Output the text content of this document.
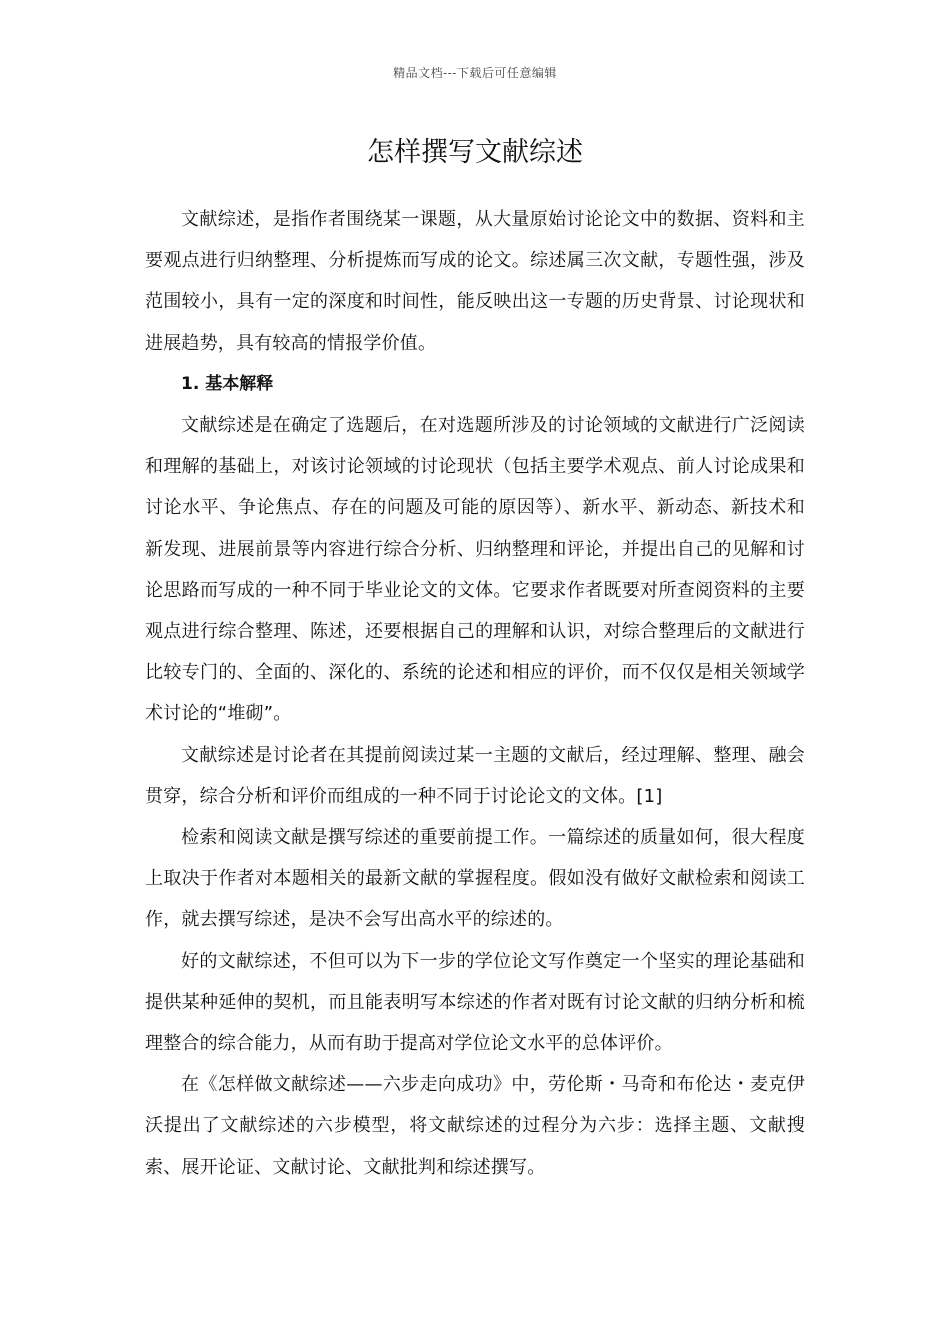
精品文档---下载后可任意编辑
怎样撰写文献综述

文献综述，是指作者围绕某一课题，从大量原始讨论论文中的数据、资料和主要观点进行归纳整理、分析提炼而写成的论文。综述属三次文献，专题性强，涉及范围较小，具有一定的深度和时间性，能反映出这一专题的历史背景、讨论现状和进展趋势，具有较高的情报学价值。

1. 基本解释

文献综述是在确定了选题后，在对选题所涉及的讨论领域的文献进行广泛阅读和理解的基础上，对该讨论领域的讨论现状（包括主要学术观点、前人讨论成果和讨论水平、争论焦点、存在的问题及可能的原因等）、新水平、新动态、新技术和新发现、进展前景等内容进行综合分析、归纳整理和评论，并提出自己的见解和讨论思路而写成的一种不同于毕业论文的文体。它要求作者既要对所查阅资料的主要观点进行综合整理、陈述，还要根据自己的理解和认识，对综合整理后的文献进行比较专门的、全面的、深化的、系统的论述和相应的评价，而不仅仅是相关领域学术讨论的“堆砌”。

文献综述是讨论者在其提前阅读过某一主题的文献后，经过理解、整理、融会贯穿，综合分析和评价而组成的一种不同于讨论论文的文体。[1]

检索和阅读文献是撰写综述的重要前提工作。一篇综述的质量如何，很大程度上取决于作者对本题相关的最新文献的掌握程度。假如没有做好文献检索和阅读工作，就去撰写综述，是决不会写出高水平的综述的。

好的文献综述，不但可以为下一步的学位论文写作奠定一个坚实的理论基础和提供某种延伸的契机，而且能表明写本综述的作者对既有讨论文献的归纳分析和梳理整合的综合能力，从而有助于提高对学位论文水平的总体评价。

在《怎样做文献综述——六步走向成功》中，劳伦斯・马奇和布伦达・麦克伊沃提出了文献综述的六步模型，将文献综述的过程分为六步：选择主题、文献搜索、展开论证、文献讨论、文献批判和综述撰写。
